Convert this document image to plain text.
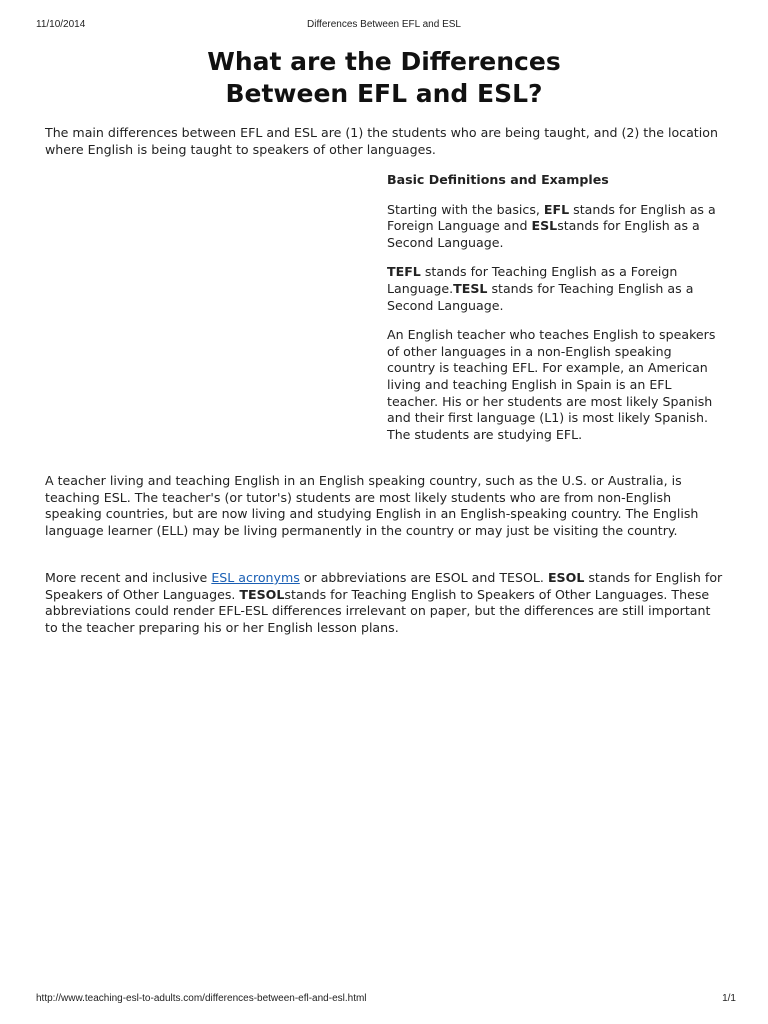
11/10/2014	Differences Between EFL and ESL
What are the Differences
Between EFL and ESL?

The main differences between EFL and ESL are (1) the students who are being taught, and (2) the location where English is being taught to speakers of other languages.

Basic Definitions and Examples

Starting with the basics, EFL stands for English as a Foreign Language and ESLstands for English as a Second Language.

TEFL stands for Teaching English as a Foreign Language.TESL stands for Teaching English as a Second Language.

An English teacher who teaches English to speakers of other languages in a non-English speaking country is teaching EFL. For example, an American living and teaching English in Spain is an EFL teacher. His or her students are most likely Spanish and their first language (L1) is most likely Spanish. The students are studying EFL.

A teacher living and teaching English in an English speaking country, such as the U.S. or Australia, is teaching ESL. The teacher's (or tutor's) students are most likely students who are from non-English speaking countries, but are now living and studying English in an English-speaking country. The English language learner (ELL) may be living permanently in the country or may just be visiting the country.

More recent and inclusive ESL acronyms or abbreviations are ESOL and TESOL. ESOL stands for English for Speakers of Other Languages. TESOLstands for Teaching English to Speakers of Other Languages. These abbreviations could render EFL-ESL differences irrelevant on paper, but the differences are still important to the teacher preparing his or her English lesson plans.

http://www.teaching-esl-to-adults.com/differences-between-efl-and-esl.html	1/1
